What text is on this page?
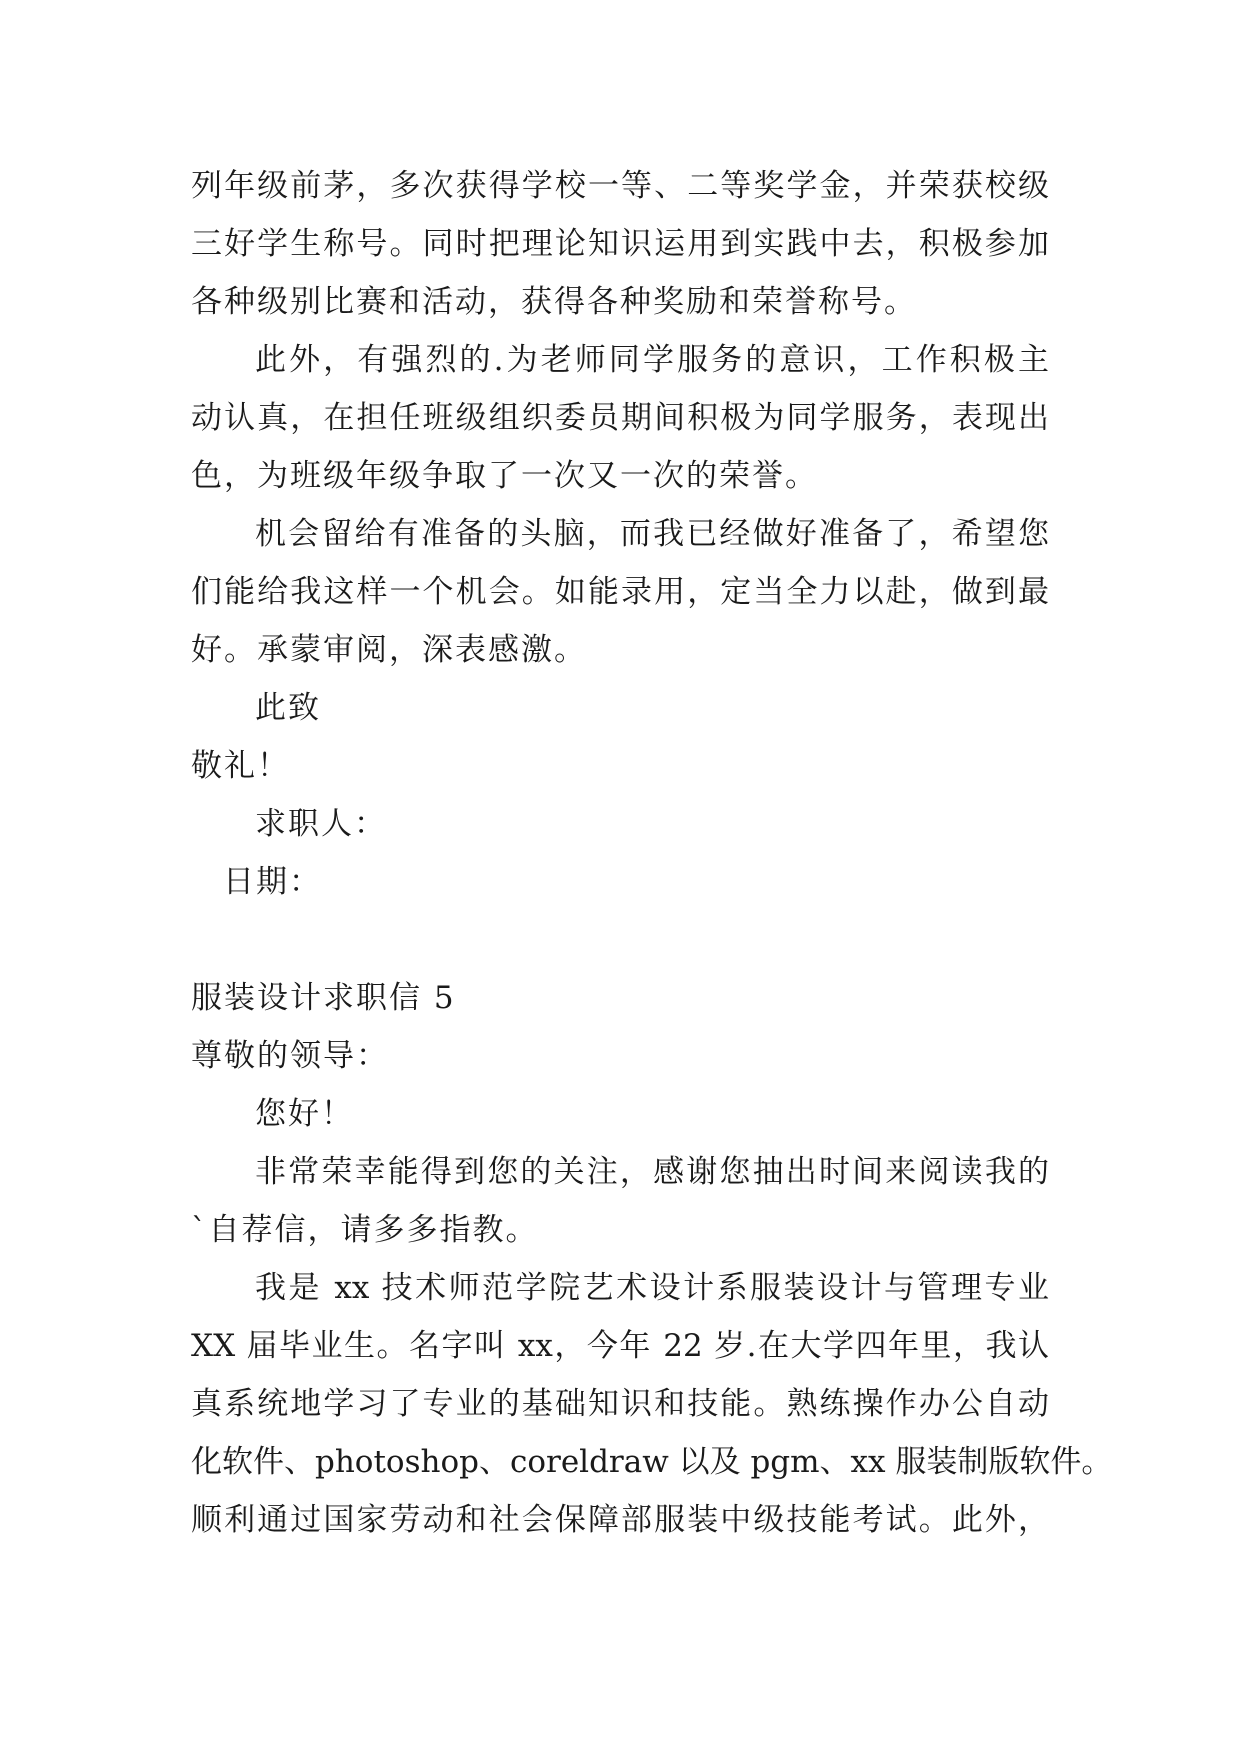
列年级前茅，多次获得学校一等、二等奖学金，并荣获校级
三好学生称号。同时把理论知识运用到实践中去，积极参加
各种级别比赛和活动，获得各种奖励和荣誉称号。
此外，有强烈的.为老师同学服务的意识，工作积极主
动认真，在担任班级组织委员期间积极为同学服务，表现出
色，为班级年级争取了一次又一次的荣誉。
机会留给有准备的头脑，而我已经做好准备了，希望您
们能给我这样一个机会。如能录用，定当全力以赴，做到最
好。承蒙审阅，深表感激。
此致
敬礼！
求职人：
日期：
服装设计求职信 5
尊敬的领导：
您好！
非常荣幸能得到您的关注，感谢您抽出时间来阅读我的
`自荐信，请多多指教。
我是 xx 技术师范学院艺术设计系服装设计与管理专业
XX 届毕业生。名字叫 xx，今年 22 岁.在大学四年里，我认
真系统地学习了专业的基础知识和技能。熟练操作办公自动
化软件、photoshop、coreldraw 以及 pgm、xx 服装制版软件。
顺利通过国家劳动和社会保障部服装中级技能考试。此外，
